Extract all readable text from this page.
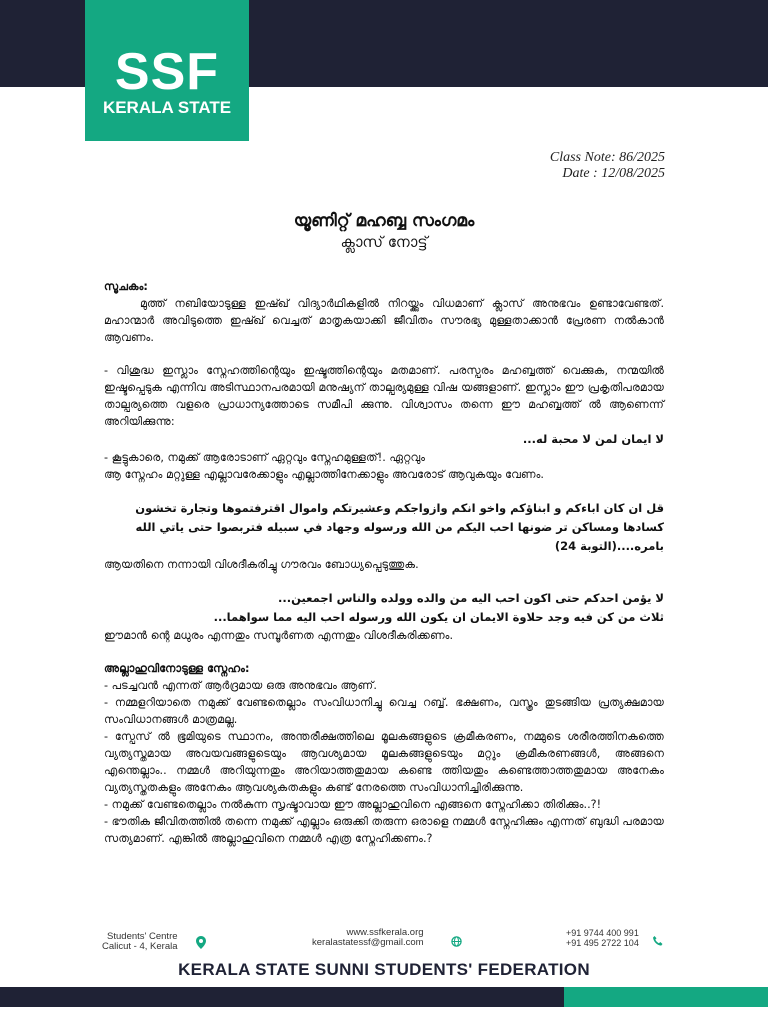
SSF
KERALA STATE
Class Note: 86/2025
Date : 12/08/2025
യൂണിറ്റ് മഹബ്ബ സംഗമം
ക്ലാസ് നോട്ട്

സൂചകം:

മുത്ത് നബിയോടുള്ള ഇഷ്ഖ് വിദ്യാർഥികളിൽ നിറയ്ക്കും വിധമാണ് ക്ലാസ് അനുഭവം ഉണ്ടാവേണ്ടത്. മഹാന്മാർ അവിടുത്തെ ഇഷ്ഖ് വെച്ചത് മാതൃകയാക്കി ജീവിതം സൗരഭ്യ മുള്ളതാക്കാൻ പ്രേരണ നൽകാൻ ആവണം.

- വിശുദ്ധ ഇസ്ലാം സ്നേഹത്തിന്റെയും ഇഷ്ടത്തിന്റെയും മതമാണ്. പരസ്പരം മഹബ്ബത്ത് വെക്കുക, നന്മയിൽ ഇഷ്ടപ്പെടുക എന്നിവ അടിസ്ഥാനപരമായി മനുഷ്യന് താല്പര്യമുള്ള വിഷ യങ്ങളാണ്. ഇസ്ലാം ഈ പ്രകൃതിപരമായ താല്പര്യത്തെ വളരെ പ്രാധാന്യത്തോടെ സമീപി ക്കുന്നു. വിശ്വാസം തന്നെ ഈ മഹബ്ബത്ത് ൽ ആണെന്ന് അറിയിക്കുന്നു:

لا ايمان لمن لا محبة له...

- കൂട്ടുകാരെ, നമുക്ക് ആരോടാണ് ഏറ്റവും സ്നേഹമുള്ളത്!. ഏറ്റവും

ആ സ്നേഹം മറ്റുള്ള എല്ലാവരേക്കാളും എല്ലാത്തിനേക്കാളും അവരോട് ആവുകയും വേണം.

قل ان كان اباءكم و ابناؤكم واخو انكم وازواجكم وعشيرتكم واموال اقترفتموها وتجارة تخشون كسادها ومساكن تر ضونها احب اليكم من الله ورسوله وجهاد في سبيله فتربصوا حتى ياتي الله بامره....(التوبة 24)

ആയതിനെ നന്നായി വിശദീകരിച്ചു ഗൗരവം ബോധ്യപ്പെടുത്തുക.

لا يؤمن احدكم حتى اكون احب اليه من والده وولده والناس اجمعين...

ثلاث من كن فيه وجد حلاوة الايمان ان يكون الله ورسوله احب اليه مما سواهما...

ഈമാൻ ന്റെ മധുരം എന്നതും സമ്പൂർണത എന്നതും വിശദീകരിക്കണം.

അല്ലാഹുവിനോടുള്ള സ്നേഹം:

- പടച്ചവൻ എന്നത് ആർദ്രമായ ഒരു അനുഭവം ആണ്.

- നമ്മളറിയാതെ നമുക്ക് വേണ്ടതെല്ലാം സംവിധാനിച്ചു വെച്ച റബ്ബ്. ഭക്ഷണം, വസ്ത്രം തുടങ്ങിയ പ്രത്യക്ഷമായ സംവിധാനങ്ങൾ മാത്രമല്ല.

- സ്പേസ് ൽ ഭൂമിയുടെ സ്ഥാനം, അന്തരീക്ഷത്തിലെ മൂലകങ്ങളുടെ ക്രമീകരണം, നമ്മുടെ ശരീരത്തിനകത്തെ വ്യത്യസ്തമായ അവയവങ്ങളുടെയും ആവശ്യമായ മൂലകങ്ങളുടെയും മറ്റും ക്രമീകരണങ്ങൾ, അങ്ങനെ എന്തെല്ലാം.. നമ്മൾ അറിയുന്നതും അറിയാത്തതുമായ കണ്ടെ ത്തിയതും കണ്ടെത്താത്തതുമായ അനേകം വ്യത്യസ്തതകളും അനേകം ആവശ്യകതകളും കണ്ട് നേരത്തെ സംവിധാനിച്ചിരിക്കുന്നു.

- നമുക്ക് വേണ്ടതെല്ലാം നൽകുന്ന സൃഷ്ടാവായ ഈ അല്ലാഹുവിനെ എങ്ങനെ സ്നേഹിക്കാ തിരിക്കും..?!

- ഭൗതിക ജീവിതത്തിൽ തന്നെ നമുക്ക് എല്ലാം ഒരുക്കി തരുന്ന ഒരാളെ നമ്മൾ സ്നേഹിക്കും എന്നത് ബുദ്ധി പരമായ സത്യമാണ്. എങ്കിൽ അല്ലാഹുവിനെ നമ്മൾ എത്ര സ്നേഹിക്കണം.?

Students' Centre
Calicut - 4, Kerala
www.ssfkerala.org
keralastatessf@gmail.com
+91 9744 400 991
+91 495 2722 104
KERALA STATE SUNNI STUDENTS' FEDERATION
